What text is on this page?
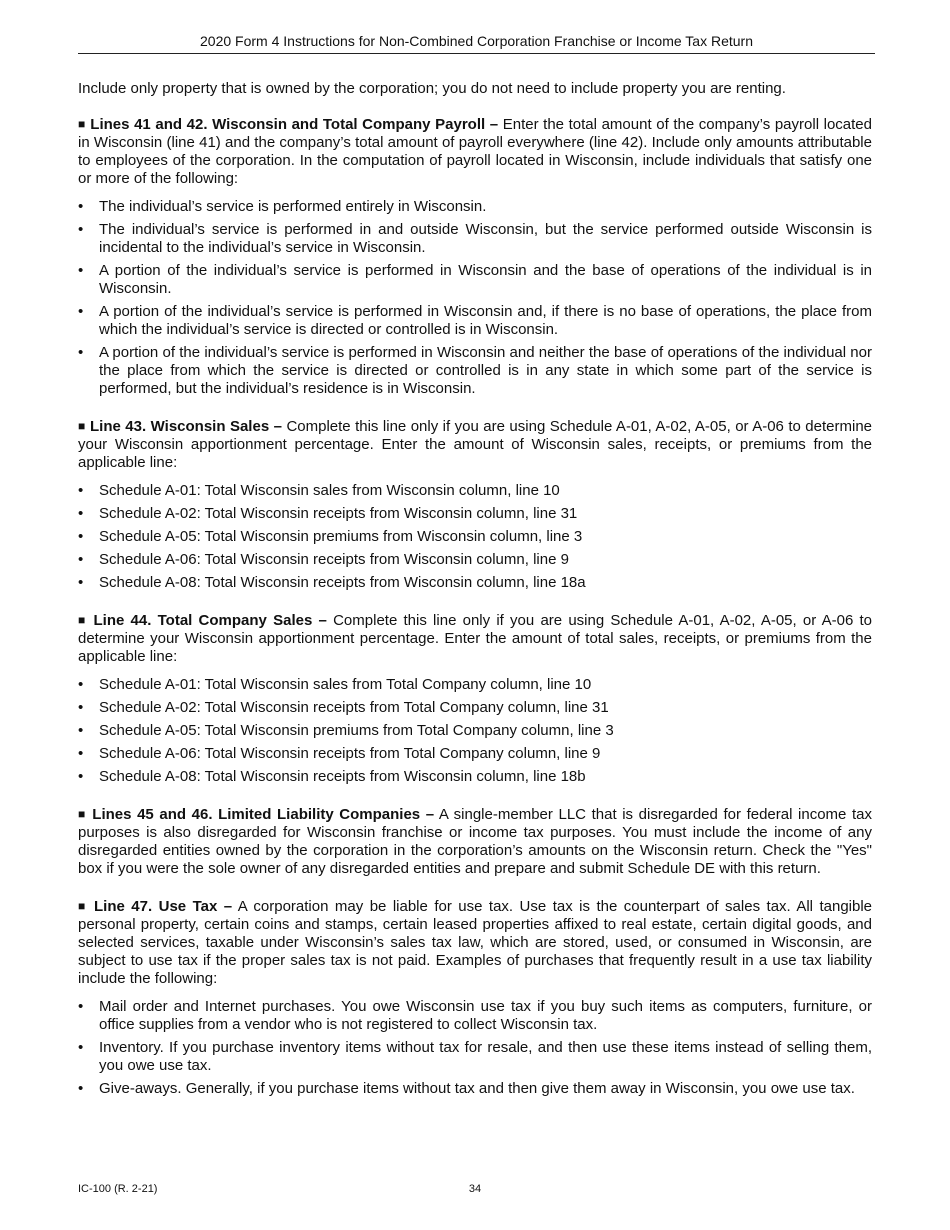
2020 Form 4 Instructions for Non-Combined Corporation Franchise or Income Tax Return

Include only property that is owned by the corporation; you do not need to include property you are renting.

■ Lines 41 and 42. Wisconsin and Total Company Payroll – Enter the total amount of the company’s payroll located in Wisconsin (line 41) and the company’s total amount of payroll everywhere (line 42). Include only amounts attributable to employees of the corporation. In the computation of payroll located in Wisconsin, include individuals that satisfy one or more of the following:

•	The individual’s service is performed entirely in Wisconsin.
•	The individual’s service is performed in and outside Wisconsin, but the service performed outside Wisconsin is incidental to the individual’s service in Wisconsin.
•	A portion of the individual’s service is performed in Wisconsin and the base of operations of the individual is in Wisconsin.
•	A portion of the individual’s service is performed in Wisconsin and, if there is no base of operations, the place from which the individual’s service is directed or controlled is in Wisconsin.
•	A portion of the individual’s service is performed in Wisconsin and neither the base of operations of the individual nor the place from which the service is directed or controlled is in any state in which some part of the service is performed, but the individual’s residence is in Wisconsin.

■ Line 43. Wisconsin Sales – Complete this line only if you are using Schedule A-01, A-02, A-05, or A-06 to determine your Wisconsin apportionment percentage. Enter the amount of Wisconsin sales, receipts, or premiums from the applicable line:

•	Schedule A-01: Total Wisconsin sales from Wisconsin column, line 10
•	Schedule A-02: Total Wisconsin receipts from Wisconsin column, line 31
•	Schedule A-05: Total Wisconsin premiums from Wisconsin column, line 3
•	Schedule A-06: Total Wisconsin receipts from Wisconsin column, line 9
•	Schedule A-08: Total Wisconsin receipts from Wisconsin column, line 18a

■ Line 44. Total Company Sales – Complete this line only if you are using Schedule A-01, A-02, A-05, or A-06 to determine your Wisconsin apportionment percentage. Enter the amount of total sales, receipts, or premiums from the applicable line:

•	Schedule A-01: Total Wisconsin sales from Total Company column, line 10
•	Schedule A-02: Total Wisconsin receipts from Total Company column, line 31
•	Schedule A-05: Total Wisconsin premiums from Total Company column, line 3
•	Schedule A-06: Total Wisconsin receipts from Total Company column, line 9
•	Schedule A-08: Total Wisconsin receipts from Wisconsin column, line 18b

■ Lines 45 and 46. Limited Liability Companies – A single-member LLC that is disregarded for federal income tax purposes is also disregarded for Wisconsin franchise or income tax purposes. You must include the income of any disregarded entities owned by the corporation in the corporation’s amounts on the Wisconsin return. Check the "Yes" box if you were the sole owner of any disregarded entities and prepare and submit Schedule DE with this return.

■ Line 47. Use Tax – A corporation may be liable for use tax. Use tax is the counterpart of sales tax. All tangible personal property, certain coins and stamps, certain leased properties affixed to real estate, certain digital goods, and selected services, taxable under Wisconsin’s sales tax law, which are stored, used, or consumed in Wisconsin, are subject to use tax if the proper sales tax is not paid. Examples of purchases that frequently result in a use tax liability include the following:

•	Mail order and Internet purchases. You owe Wisconsin use tax if you buy such items as computers, furniture, or office supplies from a vendor who is not registered to collect Wisconsin tax.
•	Inventory. If you purchase inventory items without tax for resale, and then use these items instead of selling them, you owe use tax.
•	Give-aways. Generally, if you purchase items without tax and then give them away in Wisconsin, you owe use tax.
IC-100 (R. 2-21)	34
